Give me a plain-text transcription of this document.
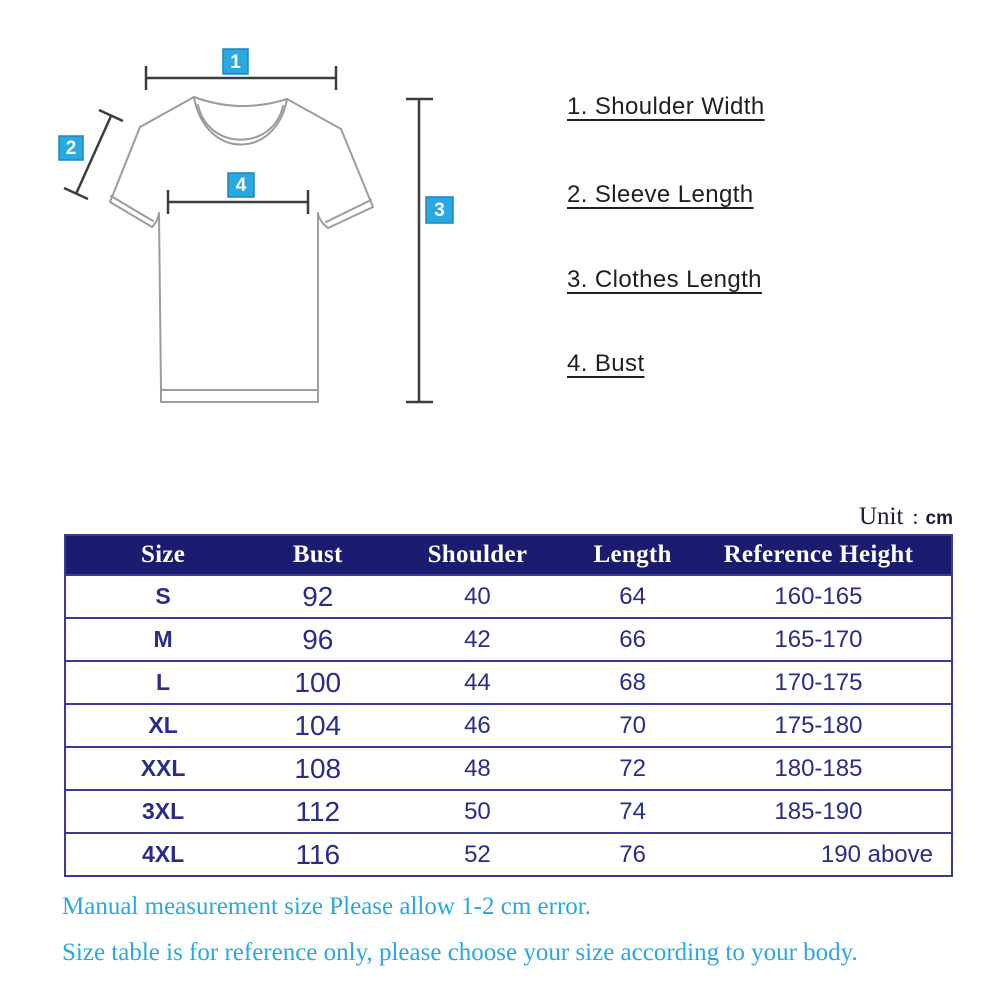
1
2
3
4
1. Shoulder Width
2. Sleeve Length
3. Clothes Length
4. Bust
Unit : cm
Size	Bust	Shoulder	Length	Reference Height
S	92	40	64	160-165
M	96	42	66	165-170
L	100	44	68	170-175
XL	104	46	70	175-180
XXL	108	48	72	180-185
3XL	112	50	74	185-190
4XL	116	52	76	190 above
Manual measurement size Please allow 1-2 cm error.
Size table is for reference only, please choose your size according to your body.
